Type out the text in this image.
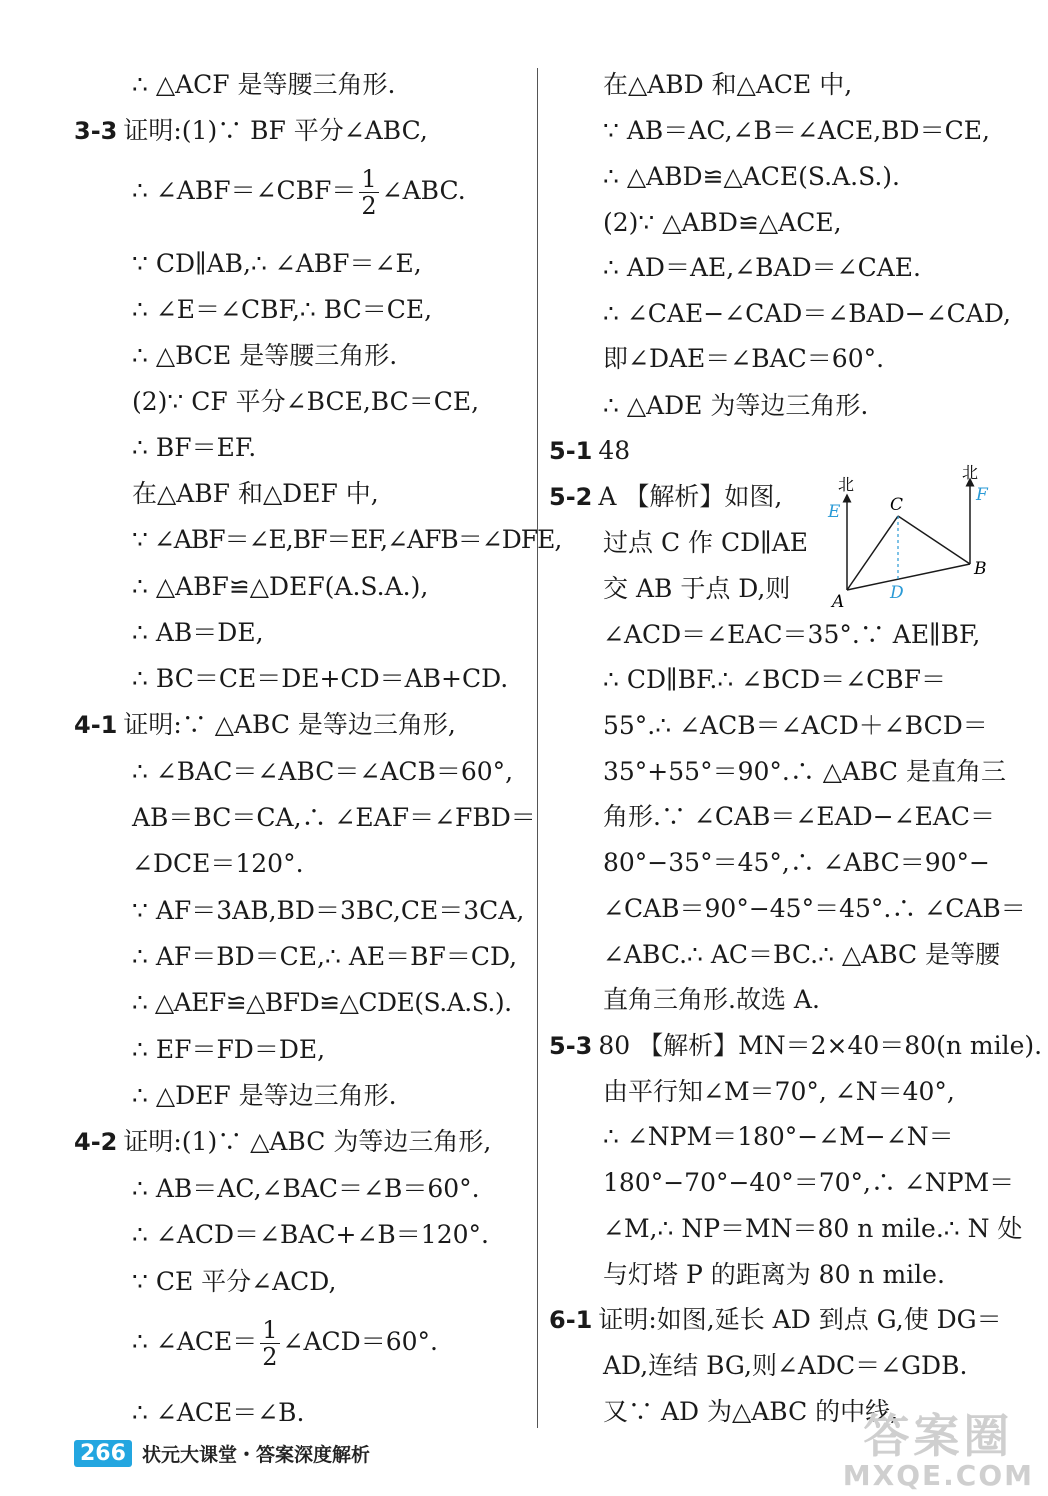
∴ △ACF 是等腰三角形.
3-3 证明:(1)∵ BF 平分∠ABC,
∴ ∠ABF＝∠CBF＝ $\frac{1}{2}$ ∠ABC.
∵ CD∥AB,∴ ∠ABF＝∠E,
∴ ∠E＝∠CBF,∴ BC＝CE,
∴ △BCE 是等腰三角形.
(2)∵ CF 平分∠BCE,BC＝CE,
∴ BF＝EF.
在△ABF 和△DEF 中,
∵ ∠ABF＝∠E,BF＝EF,∠AFB＝∠DFE,
∴ △ABF≌△DEF(A.S.A.),
∴ AB＝DE,
∴ BC＝CE＝DE+CD＝AB+CD.
4-1 证明:∵ △ABC 是等边三角形,
∴ ∠BAC＝∠ABC＝∠ACB＝60°,
AB＝BC＝CA,∴ ∠EAF＝∠FBD＝
∠DCE＝120°.
∵ AF＝3AB,BD＝3BC,CE＝3CA,
∴ AF＝BD＝CE,∴ AE＝BF＝CD,
∴ △AEF≌△BFD≌△CDE(S.A.S.).
∴ EF＝FD＝DE,
∴ △DEF 是等边三角形.
4-2 证明:(1)∵ △ABC 为等边三角形,
∴ AB＝AC,∠BAC＝∠B＝60°.
∴ ∠ACD＝∠BAC+∠B＝120°.
∵ CE 平分∠ACD,
∴ ∠ACE＝ $\frac{1}{2}$ ∠ACD＝60°.
∴ ∠ACE＝∠B.
在△ABD 和△ACE 中,
∵ AB＝AC,∠B＝∠ACE,BD＝CE,
∴ △ABD≌△ACE(S.A.S.).
(2)∵ △ABD≌△ACE,
∴ AD＝AE,∠BAD＝∠CAE.
∴ ∠CAE−∠CAD＝∠BAD−∠CAD,
即∠DAE＝∠BAC＝60°.
∴ △ADE 为等边三角形.
5-1 48
5-2 A 【解析】如图,
过点 C 作 CD∥AE
交 AB 于点 D,则
∠ACD＝∠EAC＝35°.∵ AE∥BF,
∴ CD∥BF.∴ ∠BCD＝∠CBF＝
55°.∴ ∠ACB＝∠ACD＋∠BCD＝
35°+55°＝90°.∴ △ABC 是直角三
角形.∵ ∠CAB＝∠EAD−∠EAC＝
80°−35°＝45°,∴ ∠ABC＝90°−
∠CAB＝90°−45°＝45°.∴ ∠CAB＝
∠ABC.∴ AC＝BC.∴ △ABC 是等腰
直角三角形.故选 A.
5-3 80 【解析】MN＝2×40＝80(n mile).
由平行知∠M＝70°, ∠N＝40°,
∴ ∠NPM＝180°−∠M−∠N＝
180°−70°−40°＝70°,∴ ∠NPM＝
∠M,∴ NP＝MN＝80 n mile.∴ N 处
与灯塔 P 的距离为 80 n mile.
6-1 证明:如图,延长 AD 到点 G,使 DG＝
AD,连结 BG,则∠ADC＝∠GDB.
又∵ AD 为△ABC 的中线,
北
北
E
F
C
B
A	D
266 状元大课堂・答案深度解析	答案圈
MXQE.COM
